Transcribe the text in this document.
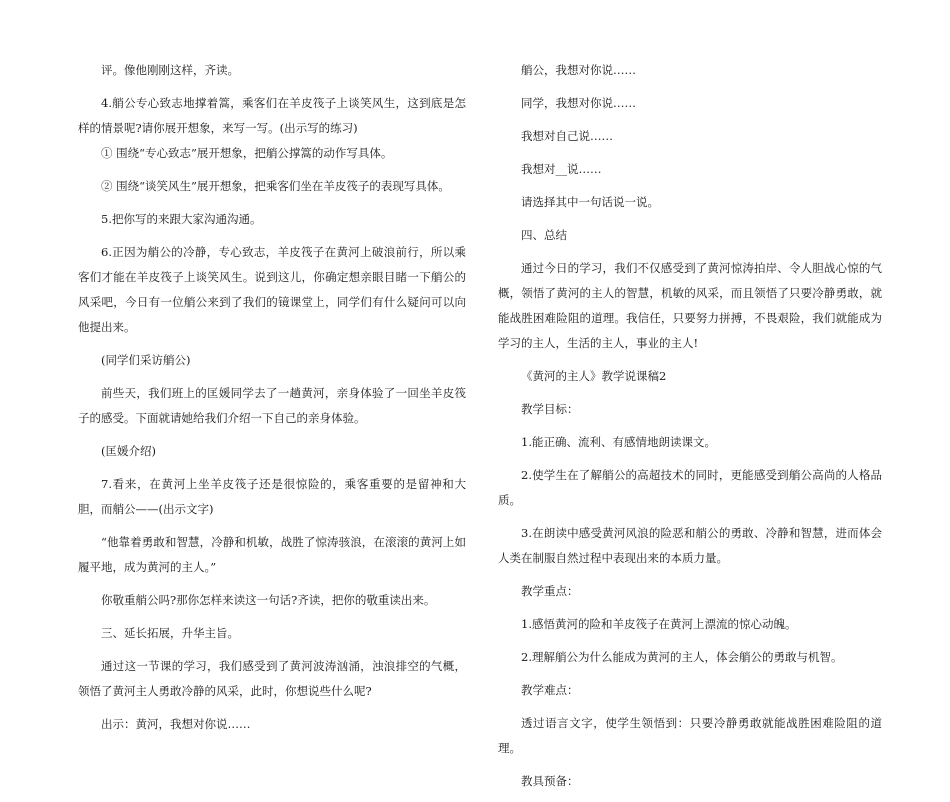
评。像他刚刚这样，齐读。

4.艄公专心致志地撑着篙，乘客们在羊皮筏子上谈笑风生，这到底是怎样的情景呢?请你展开想象，来写一写。(出示写的练习)

① 围绕“专心致志”展开想象，把艄公撑篙的动作写具体。

② 围绕“谈笑风生”展开想象，把乘客们坐在羊皮筏子的表现写具体。

5.把你写的来跟大家沟通沟通。

6.正因为艄公的冷静，专心致志，羊皮筏子在黄河上破浪前行，所以乘客们才能在羊皮筏子上谈笑风生。说到这儿，你确定想亲眼目睹一下艄公的风采吧，今日有一位艄公来到了我们的镜课堂上，同学们有什么疑问可以向他提出来。

(同学们采访艄公)

前些天，我们班上的匡媛同学去了一趟黄河，亲身体验了一回坐羊皮筏子的感受。下面就请她给我们介绍一下自己的亲身体验。

(匡媛介绍)

7.看来，在黄河上坐羊皮筏子还是很惊险的，乘客重要的是留神和大胆，而艄公——(出示文字)

“他靠着勇敢和智慧，冷静和机敏，战胜了惊涛骇浪，在滚滚的黄河上如履平地，成为黄河的主人。”

你敬重艄公吗?那你怎样来读这一句话?齐读，把你的敬重读出来。

三、延长拓展，升华主旨。

通过这一节课的学习，我们感受到了黄河波涛汹涌，浊浪排空的气概，领悟了黄河主人勇敢冷静的风采，此时，你想说些什么呢?

出示：黄河，我想对你说……

艄公，我想对你说……

同学，我想对你说……

我想对自己说……

我想对__说……

请选择其中一句话说一说。

四、总结

通过今日的学习，我们不仅感受到了黄河惊涛拍岸、令人胆战心惊的气概，领悟了黄河的主人的智慧，机敏的风采，而且领悟了只要冷静勇敢，就能战胜困难险阻的道理。我信任，只要努力拼搏，不畏艰险，我们就能成为学习的主人，生活的主人，事业的主人!

《黄河的主人》教学说课稿2

教学目标：

1.能正确、流利、有感情地朗读课文。

2.使学生在了解艄公的高超技术的同时，更能感受到艄公高尚的人格品质。

3.在朗读中感受黄河风浪的险恶和艄公的勇敢、冷静和智慧，进而体会人类在制服自然过程中表现出来的本质力量。

教学重点：

1.感悟黄河的险和羊皮筏子在黄河上漂流的惊心动魄。

2.理解艄公为什么能成为黄河的主人，体会艄公的勇敢与机智。

教学难点：

透过语言文字，使学生领悟到：只要冷静勇敢就能战胜困难险阻的道理。

教具预备：
